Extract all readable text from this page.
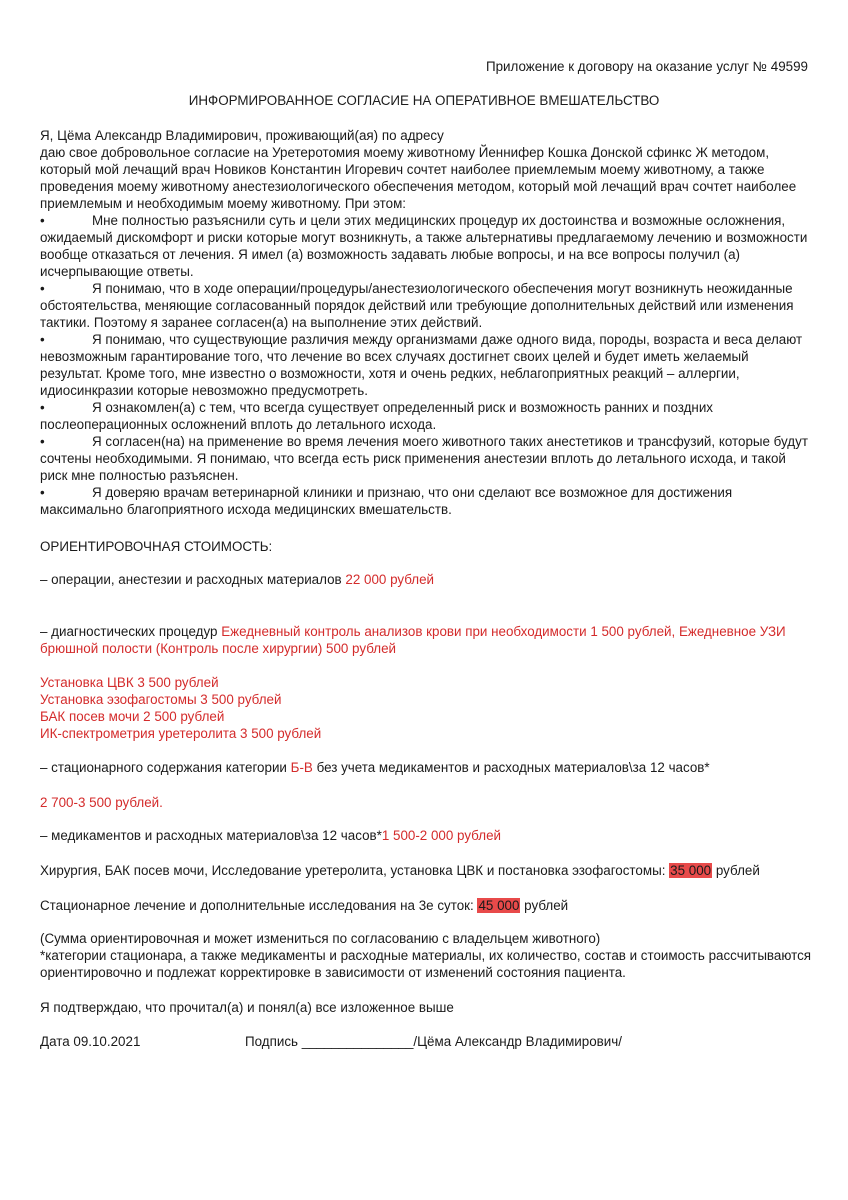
Приложение к договору на оказание услуг № 49599
ИНФОРМИРОВАННОЕ СОГЛАСИЕ НА ОПЕРАТИВНОЕ ВМЕШАТЕЛЬСТВО

Я, Цёма Александр Владимирович, проживающий(ая) по адресу

даю свое добровольное согласие на Уретеротомия моему животному Йеннифер Кошка Донской сфинкс Ж методом, который мой лечащий врач Новиков Константин Игоревич сочтет наиболее приемлемым моему животному, а также проведения моему животному анестезиологического обеспечения методом, который мой лечащий врач сочтет наиболее приемлемым и необходимым моему животному. При этом:

•	Мне полностью разъяснили суть и цели этих медицинских процедур их достоинства и возможные осложнения, ожидаемый дискомфорт и риски которые могут возникнуть, а также альтернативы предлагаемому лечению и возможности вообще отказаться от лечения. Я имел (а) возможность задавать любые вопросы, и на все вопросы получил (а) исчерпывающие ответы.

•	Я понимаю, что в ходе операции/процедуры/анестезиологического обеспечения могут возникнуть неожиданные обстоятельства, меняющие согласованный порядок действий или требующие дополнительных действий или изменения тактики. Поэтому я заранее согласен(а) на выполнение этих действий.

•	Я понимаю, что существующие различия между организмами даже одного вида, породы, возраста и веса делают невозможным гарантирование того, что лечение во всех случаях достигнет своих целей и будет иметь желаемый результат. Кроме того, мне известно о возможности, хотя и очень редких, неблагоприятных реакций – аллергии, идиосинкразии которые невозможно предусмотреть.

•	Я ознакомлен(а) с тем, что всегда существует определенный риск и возможность ранних и поздних послеоперационных осложнений вплоть до летального исхода.

•	Я согласен(на) на применение во время лечения моего животного таких анестетиков и трансфузий, которые будут сочтены необходимыми. Я понимаю, что всегда есть риск применения анестезии вплоть до летального исхода, и такой риск мне полностью разъяснен.

•	Я доверяю врачам ветеринарной клиники и признаю, что они сделают все возможное для достижения максимально благоприятного исхода медицинских вмешательств.

ОРИЕНТИРОВОЧНАЯ СТОИМОСТЬ:
– операции, анестезии и расходных материалов 22 000 рублей
– диагностических процедур Ежедневный контроль анализов крови при необходимости 1 500 рублей, Ежедневное УЗИ брюшной полости (Контроль после хирургии) 500 рублей
Установка ЦВК 3 500 рублей
Установка эзофагостомы 3 500 рублей
БАК посев мочи 2 500 рублей
ИК-спектрометрия уретеролита 3 500 рублей
– стационарного содержания категории Б-В без учета медикаментов и расходных материалов\за 12 часов*
2 700-3 500 рублей.
– медикаментов и расходных материалов\за 12 часов*1 500-2 000 рублей
Хирургия, БАК посев мочи, Исследование уретеролита, установка ЦВК и постановка эзофагостомы: 35 000 рублей
Стационарное лечение и дополнительные исследования на 3е суток: 45 000 рублей
(Сумма ориентировочная и может измениться по согласованию с владельцем животного)
*категории стационара, а также медикаменты и расходные материалы, их количество, состав и стоимость рассчитываются ориентировочно и подлежат корректировке в зависимости от изменений состояния пациента.
Я подтверждаю, что прочитал(а) и понял(а) все изложенное выше
Дата 09.10.2021	Подпись _______________/Цёма Александр Владимирович/
